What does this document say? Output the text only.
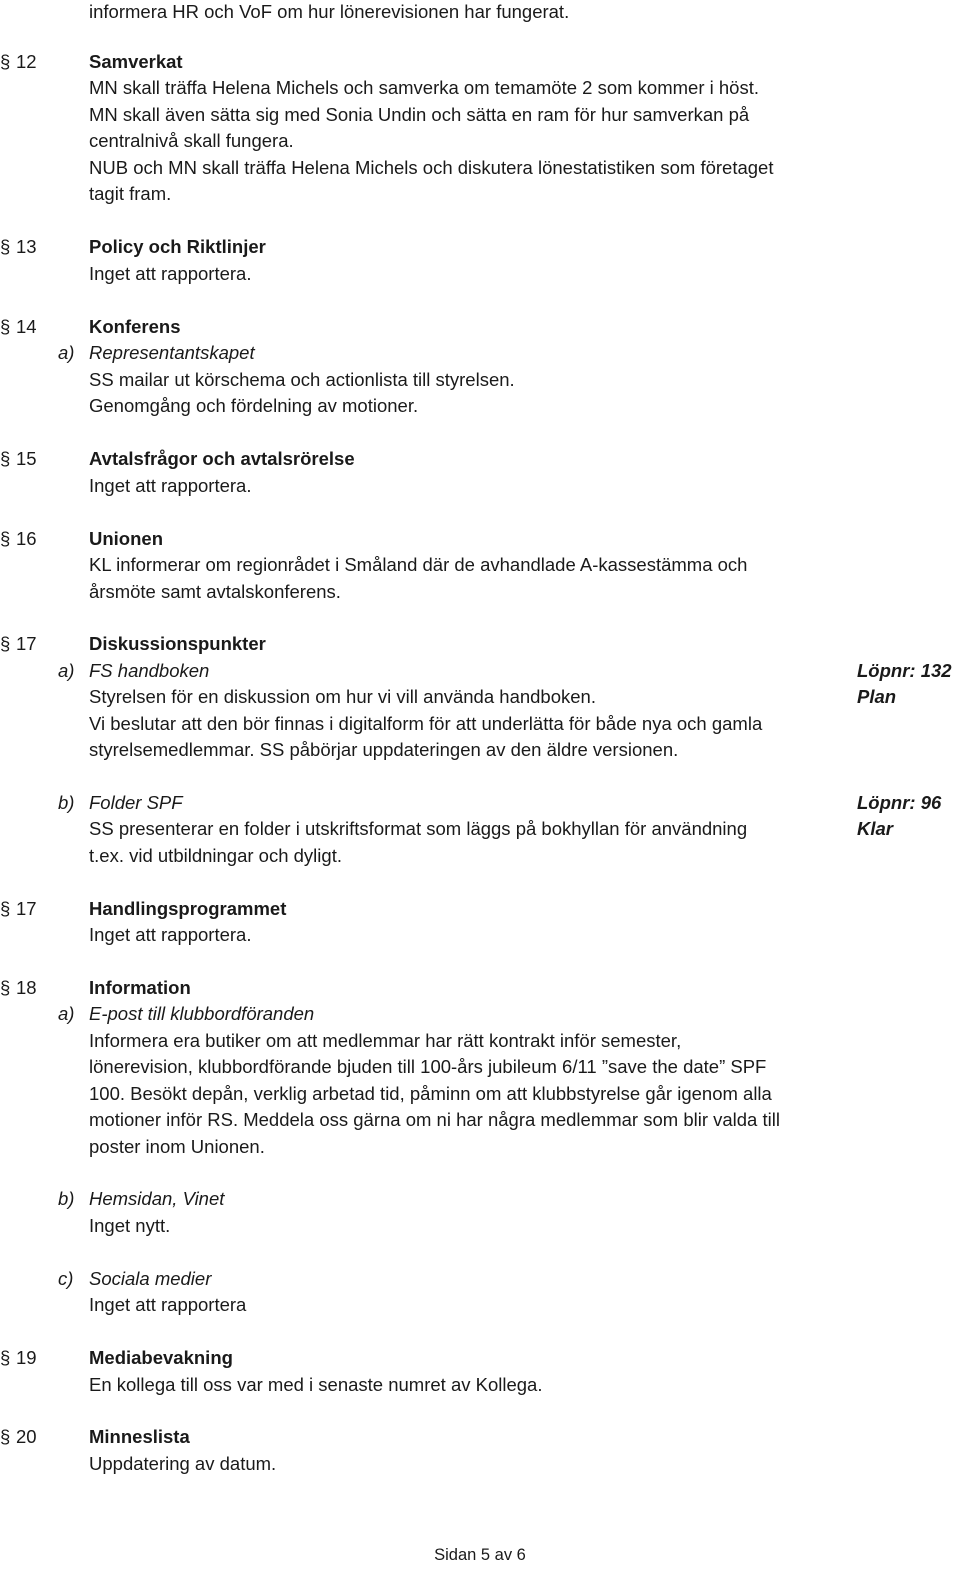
informera HR och VoF om hur lönerevisionen har fungerat.
§ 12	Samverkat
MN skall träffa Helena Michels och samverka om temamöte 2 som kommer i höst.
MN skall även sätta sig med Sonia Undin och sätta en ram för hur samverkan på
centralnivå skall fungera.
NUB och MN skall träffa Helena Michels och diskutera lönestatistiken som företaget
tagit fram.
§ 13	Policy och Riktlinjer
Inget att rapportera.
§ 14	Konferens
a) Representantskapet
SS mailar ut körschema och actionlista till styrelsen.
Genomgång och fördelning av motioner.
§ 15	Avtalsfrågor och avtalsrörelse
Inget att rapportera.
§ 16	Unionen
KL informerar om regionrådet i Småland där de avhandlade A-kassestämma och
årsmöte samt avtalskonferens.
§ 17	Diskussionspunkter
a) FS handboken	Löpnr: 132
Styrelsen för en diskussion om hur vi vill använda handboken.	Plan
Vi beslutar att den bör finnas i digitalform för att underlätta för både nya och gamla
styrelsemedlemmar. SS påbörjar uppdateringen av den äldre versionen.
b) Folder SPF	Löpnr: 96
SS presenterar en folder i utskriftsformat som läggs på bokhyllan för användning	Klar
t.ex. vid utbildningar och dyligt.
§ 17	Handlingsprogrammet
Inget att rapportera.
§ 18	Information
a) E-post till klubbordföranden
Informera era butiker om att medlemmar har rätt kontrakt inför semester,
lönerevision, klubbordförande bjuden till 100-års jubileum 6/11 ”save the date” SPF
100. Besökt depån, verklig arbetad tid, påminn om att klubbstyrelse går igenom alla
motioner inför RS. Meddela oss gärna om ni har några medlemmar som blir valda till
poster inom Unionen.
b) Hemsidan, Vinet
Inget nytt.
c) Sociala medier
Inget att rapportera
§ 19	Mediabevakning
En kollega till oss var med i senaste numret av Kollega.
§ 20	Minneslista
Uppdatering av datum.
Sidan 5 av 6
